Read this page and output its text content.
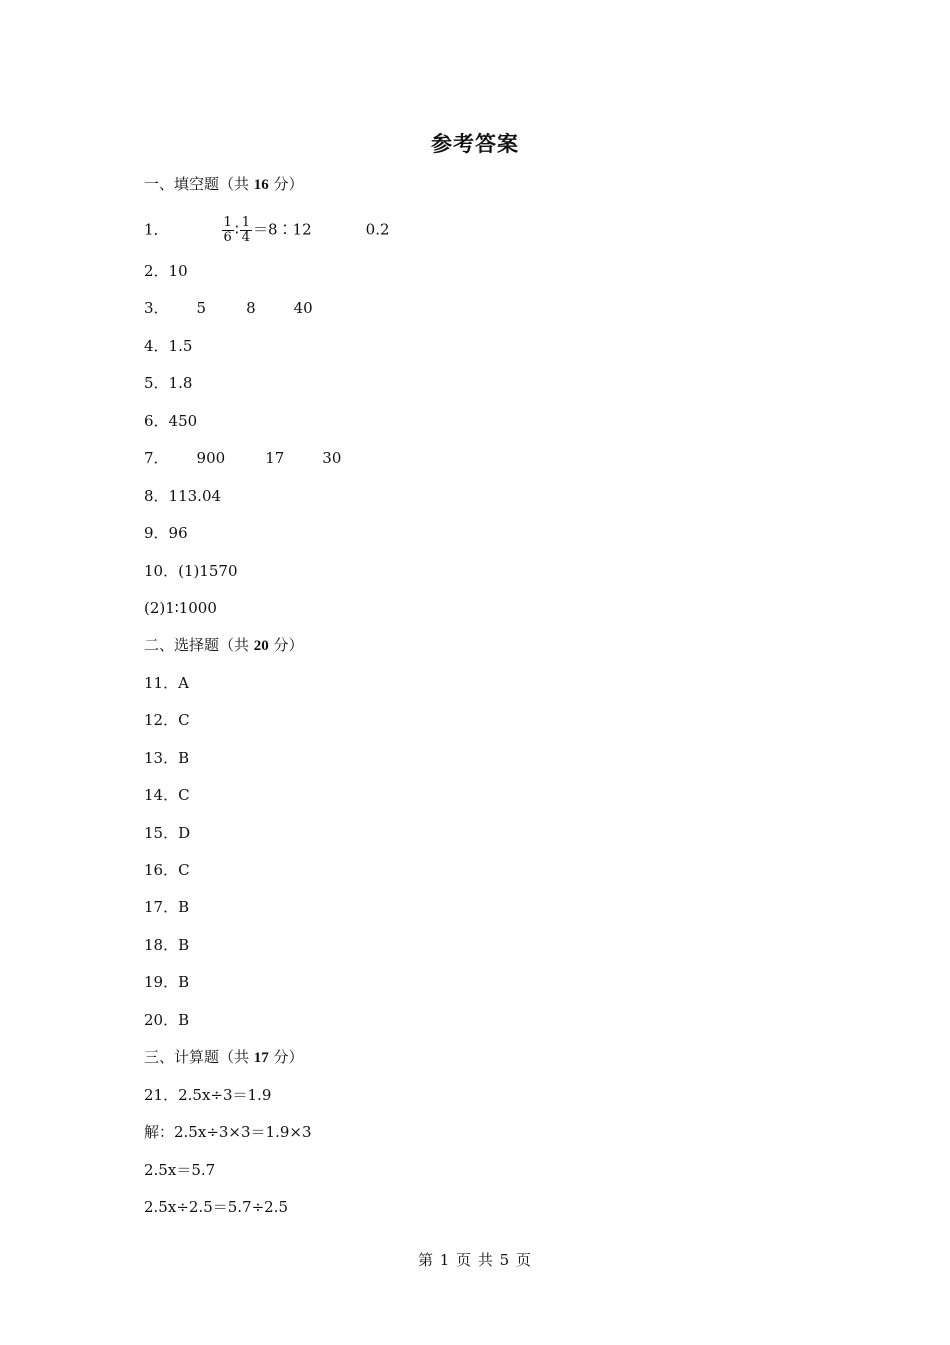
参考答案
一、填空题（共 16 分）
1．	$\frac{1}{6}$ ∶ $\frac{1}{4}$ ＝8∶12	0.2
2．10
3． 5	8	40
4．1.5
5．1.8
6．450
7． 900	17	30
8．113.04
9．96
10．(1)1570
(2)1∶1000
二、选择题（共 20 分）
11．A
12．C
13．B
14．C
15．D
16．C
17．B
18．B
19．B
20．B
三、计算题（共 17 分）
21．2.5x÷3＝1.9
解：2.5x÷3×3＝1.9×3
2.5x＝5.7
2.5x÷2.5＝5.7÷2.5
第 1 页 共 5 页
